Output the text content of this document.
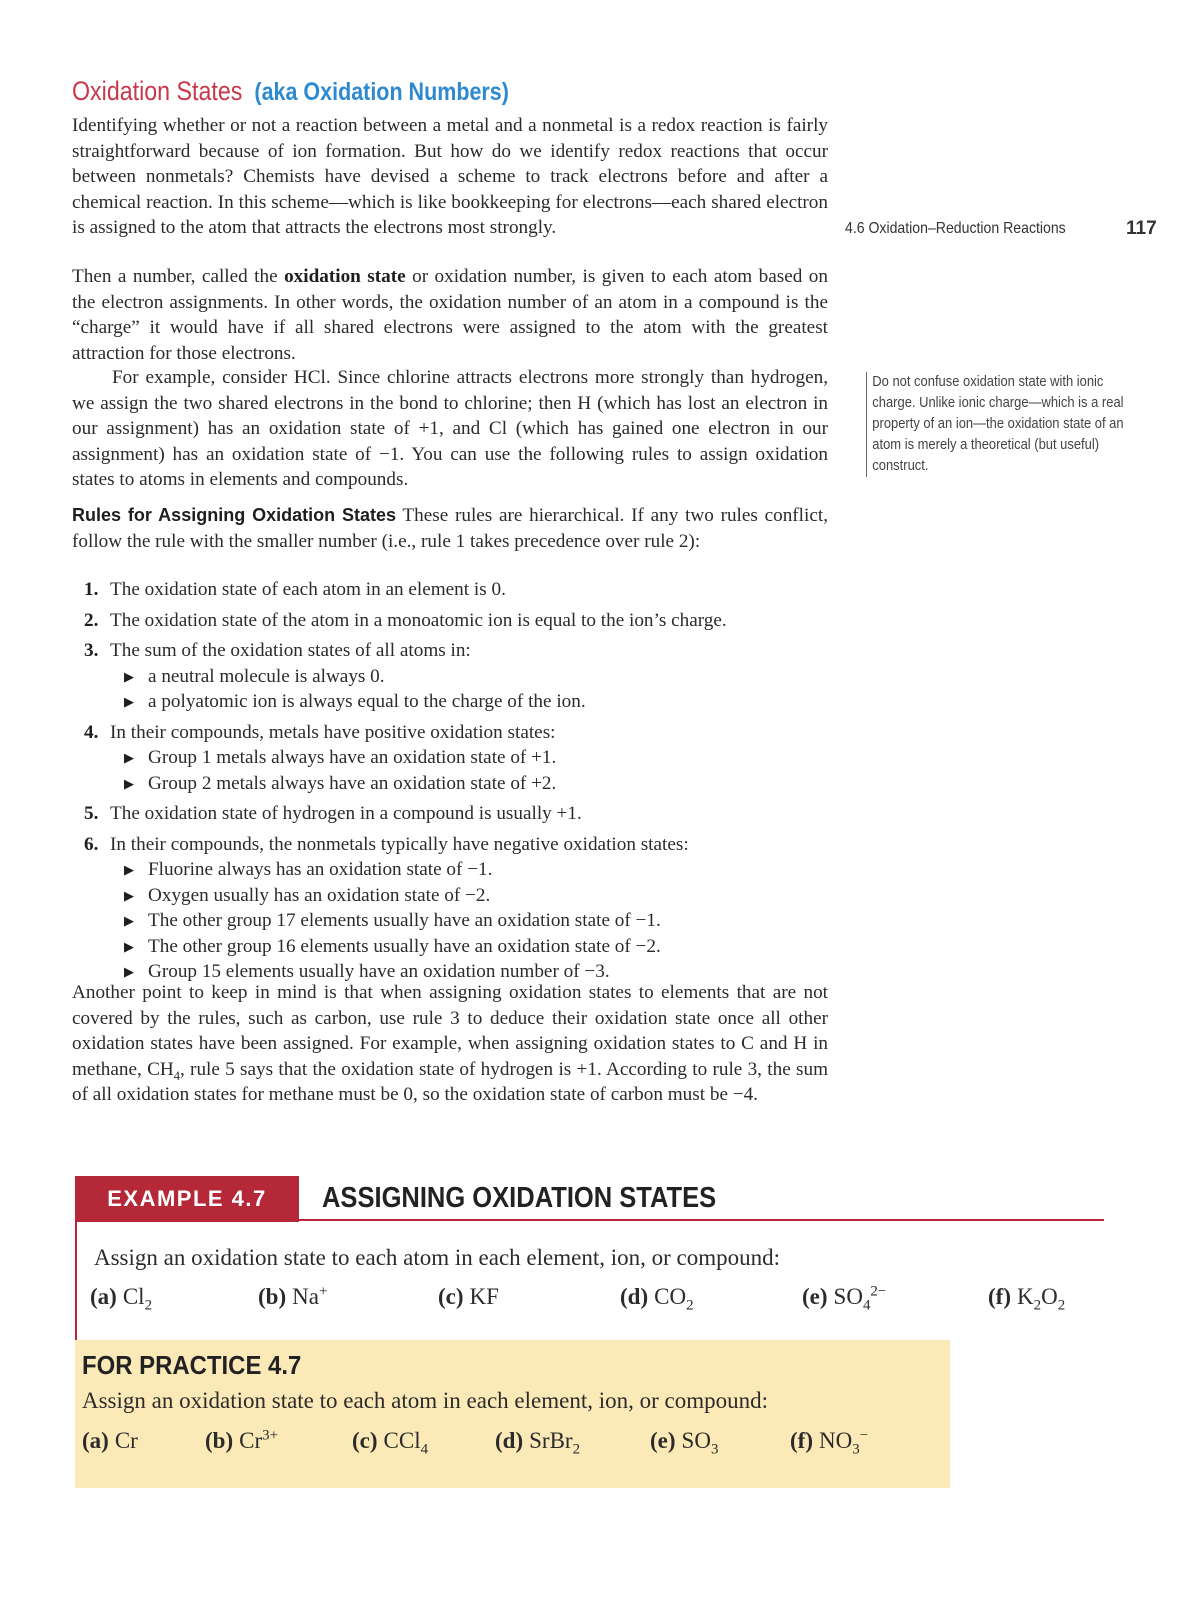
Oxidation States (aka Oxidation Numbers)

Identifying whether or not a reaction between a metal and a nonmetal is a redox reaction is fairly straightforward because of ion formation. But how do we identify redox reactions that occur between nonmetals? Chemists have devised a scheme to track electrons before and after a chemical reaction. In this scheme—which is like bookkeeping for electrons—each shared electron is assigned to the atom that attracts the electrons most strongly.	4.6 Oxidation–Reduction Reactions	117

Then a number, called the oxidation state or oxidation number, is given to each atom based on the electron assignments. In other words, the oxidation number of an atom in a compound is the “charge” it would have if all shared electrons were assigned to the atom with the greatest attraction for those electrons.

For example, consider HCl. Since chlorine attracts electrons more strongly than hydrogen, we assign the two shared electrons in the bond to chlorine; then H (which has lost an electron in our assignment) has an oxidation state of +1, and Cl (which has gained one electron in our assignment) has an oxidation state of −1. You can use the following rules to assign oxidation states to atoms in elements and compounds.

Do not confuse oxidation state with ionic charge. Unlike ionic charge—which is a real property of an ion—the oxidation state of an atom is merely a theoretical (but useful) construct.

Rules for Assigning Oxidation States These rules are hierarchical. If any two rules conflict, follow the rule with the smaller number (i.e., rule 1 takes precedence over rule 2):

1. The oxidation state of each atom in an element is 0.
2. The oxidation state of the atom in a monoatomic ion is equal to the ion’s charge.
3. The sum of the oxidation states of all atoms in:
▶ a neutral molecule is always 0.
▶ a polyatomic ion is always equal to the charge of the ion.
4. In their compounds, metals have positive oxidation states:
▶ Group 1 metals always have an oxidation state of +1.
▶ Group 2 metals always have an oxidation state of +2.
5. The oxidation state of hydrogen in a compound is usually +1.
6. In their compounds, the nonmetals typically have negative oxidation states:
▶ Fluorine always has an oxidation state of −1.
▶ Oxygen usually has an oxidation state of −2.
▶ The other group 17 elements usually have an oxidation state of −1.
▶ The other group 16 elements usually have an oxidation state of −2.
▶ Group 15 elements usually have an oxidation number of −3.

Another point to keep in mind is that when assigning oxidation states to elements that are not covered by the rules, such as carbon, use rule 3 to deduce their oxidation state once all other oxidation states have been assigned. For example, when assigning oxidation states to C and H in methane, $CH_4$, rule 5 says that the oxidation state of hydrogen is +1. According to rule 3, the sum of all oxidation states for methane must be 0, so the oxidation state of carbon must be −4.

EXAMPLE 4.7	ASSIGNING OXIDATION STATES
Assign an oxidation state to each atom in each element, ion, or compound:
(a) $Cl_2$	(b) Na+	(c) KF	(d) $CO_2$	(e) $SO_4^{2-}$	(f) $K_2O_2$
FOR PRACTICE 4.7
Assign an oxidation state to each atom in each element, ion, or compound:
(a) Cr	(b) $Cr^{3+}$	(c) CCl$_4$	(d) SrBr$_2$	(e) $SO_3$	(f) $NO_3^-$
